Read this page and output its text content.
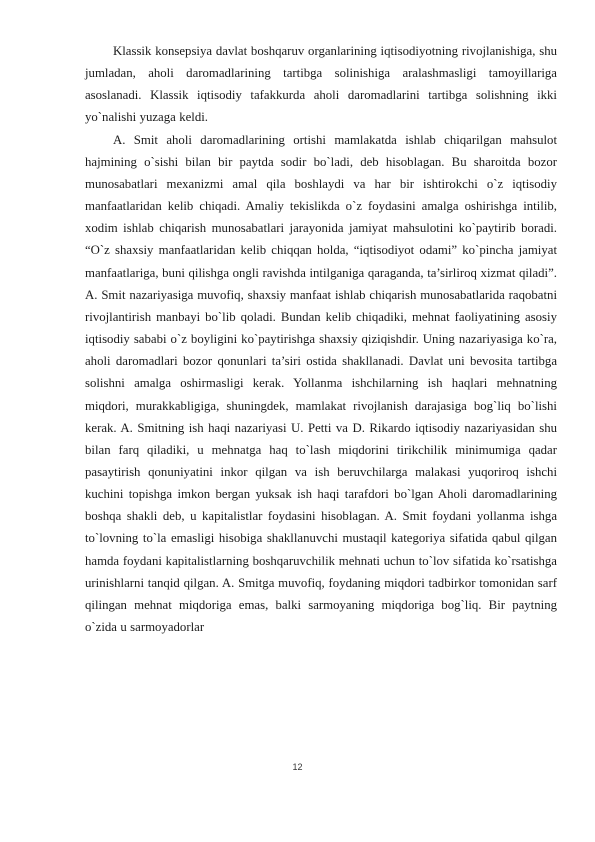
Klassik konsepsiya davlat boshqaruv organlarining iqtisodiyotning rivojlanishiga, shu jumladan, aholi daromadlarining tartibga solinishiga aralashmasligi tamoyillariga asoslanadi. Klassik iqtisodiy tafakkurda aholi daromadlarini tartibga solishning ikki yo`nalishi yuzaga keldi.

A. Smit aholi daromadlarining ortishi mamlakatda ishlab chiqarilgan mahsulot hajmining o`sishi bilan bir paytda sodir bo`ladi, deb hisoblagan. Bu sharoitda bozor munosabatlari mexanizmi amal qila boshlaydi va har bir ishtirokchi o`z iqtisodiy manfaatlaridan kelib chiqadi. Amaliy tekislikda o`z foydasini amalga oshirishga intilib, xodim ishlab chiqarish munosabatlari jarayonida jamiyat mahsulotini ko`paytirib boradi. “O`z shaxsiy manfaatlaridan kelib chiqqan holda, “iqtisodiyot odami” ko`pincha jamiyat manfaatlariga, buni qilishga ongli ravishda intilganiga qaraganda, ta’sirliroq xizmat qiladi”. A. Smit nazariyasiga muvofiq, shaxsiy manfaat ishlab chiqarish munosabatlarida raqobatni rivojlantirish manbayi bo`lib qoladi. Bundan kelib chiqadiki, mehnat faoliyatining asosiy iqtisodiy sababi o`z boyligini ko`paytirishga shaxsiy qiziqishdir. Uning nazariyasiga ko`ra, aholi daromadlari bozor qonunlari ta’siri ostida shakllanadi. Davlat uni bevosita tartibga solishni amalga oshirmasligi kerak. Yollanma ishchilarning ish haqlari mehnatning miqdori, murakkabligiga, shuningdek, mamlakat rivojlanish darajasiga bog`liq bo`lishi kerak. A. Smitning ish haqi nazariyasi U. Petti va D. Rikardo iqtisodiy nazariyasidan shu bilan farq qiladiki, u mehnatga haq to`lash miqdorini tirikchilik minimumiga qadar pasaytirish qonuniyatini inkor qilgan va ish beruvchilarga malakasi yuqoriroq ishchi kuchini topishga imkon bergan yuksak ish haqi tarafdori bo`lgan Aholi daromadlarining boshqa shakli deb, u kapitalistlar foydasini hisoblagan. A. Smit foydani yollanma ishga to`lovning to`la emasligi hisobiga shakllanuvchi mustaqil kategoriya sifatida qabul qilgan hamda foydani kapitalistlarning boshqaruvchilik mehnati uchun to`lov sifatida ko`rsatishga urinishlarni tanqid qilgan. A. Smitga muvofiq, foydaning miqdori tadbirkor tomonidan sarf qilingan mehnat miqdoriga emas, balki sarmoyaning miqdoriga bog`liq. Bir paytning o`zida u sarmoyadorlar

12
